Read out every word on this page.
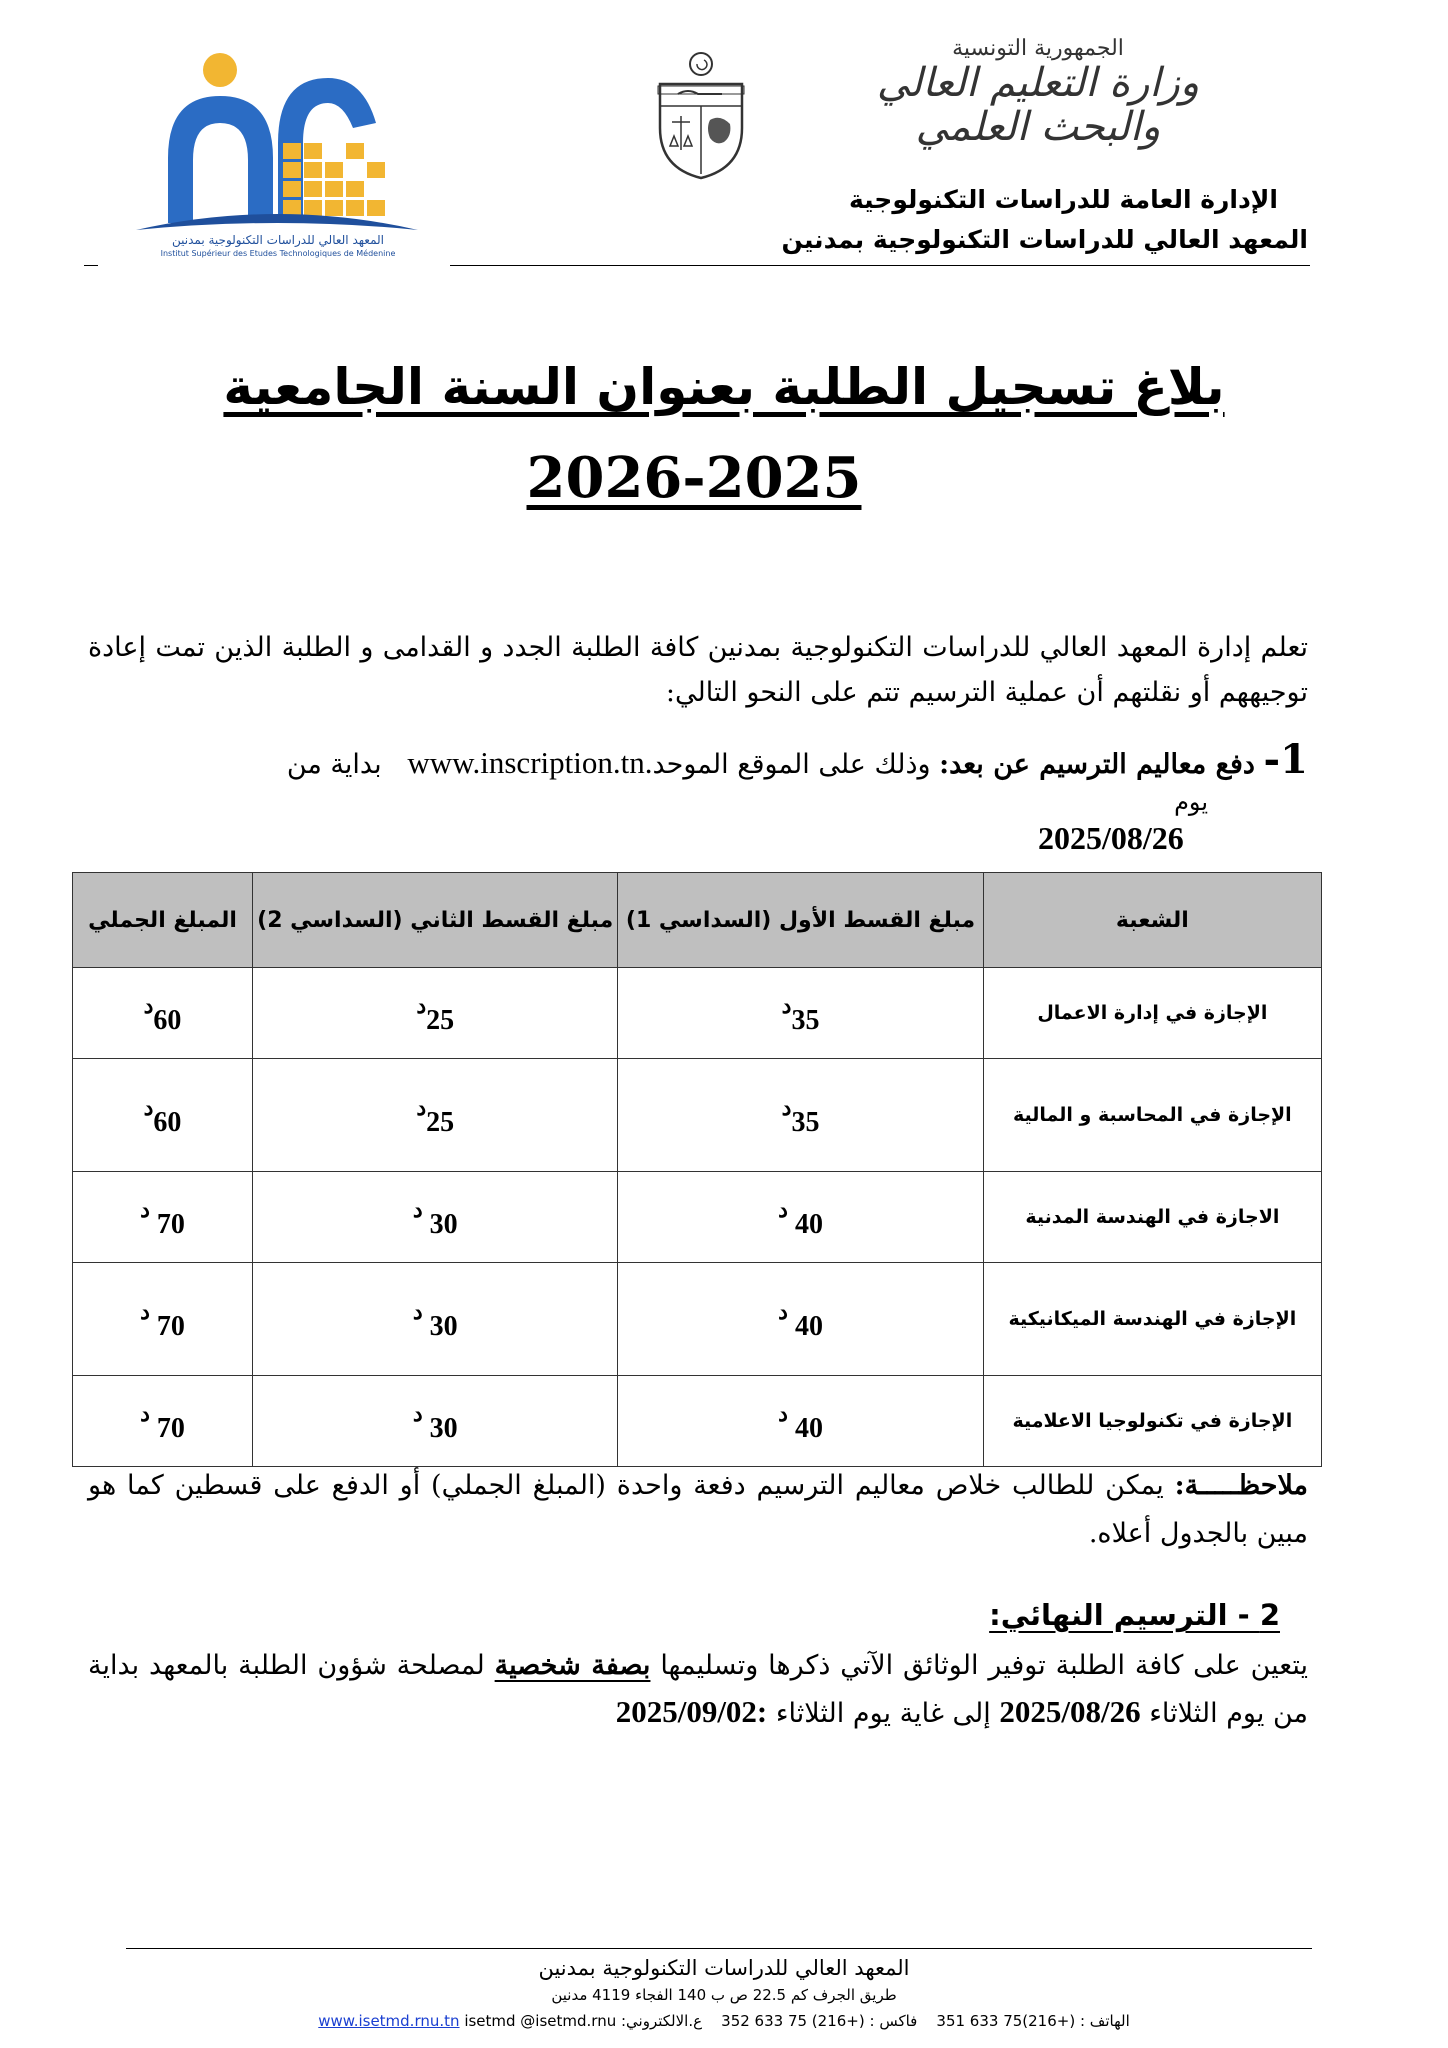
المعهد العالي للدراسات التكنولوجية بمدنين
Institut Supérieur des Etudes Technologiques de Médenine
الجمهورية التونسية
وزارة التعليم العالي
والبحث العلمي
الإدارة العامة للدراسات التكنولوجية
المعهد العالي للدراسات التكنولوجية بمدنين
بلاغ تسجيل الطلبة بعنوان السنة الجامعية
2026-2025
تعلم إدارة المعهد العالي للدراسات التكنولوجية بمدنين كافة الطلبة الجدد و القدامى و الطلبة الذين تمت إعادة توجيههم أو نقلتهم أن عملية الترسيم تتم على النحو التالي:
1- دفع معاليم الترسيم عن بعد: وذلك على الموقع الموحدwww.inscription.tn.   بداية من
يوم
2025/08/26
الشعبة	مبلغ القسط الأول (السداسي 1)	مبلغ القسط الثاني (السداسي 2)	المبلغ الجملي
الإجازة في إدارة الاعمال	$35^د$	$25^د$	$60^د$
الإجازة في المحاسبة و المالية	$35^د$	$25^د$	$60^د$
الاجازة في الهندسة المدنية	40 $^د$	30 $^د$	70 $^د$
الإجازة في الهندسة الميكانيكية	40 $^د$	30 $^د$	70 $^د$
الإجازة في تكنولوجيا الاعلامية	40 $^د$	30 $^د$	70 $^د$
ملاحظـــــة: يمكن للطالب خلاص معاليم الترسيم دفعة واحدة (المبلغ الجملي) أو الدفع على قسطين كما هو مبين بالجدول أعلاه.
2 - الترسيم النهائي:
يتعين على كافة الطلبة توفير الوثائق الآتي ذكرها وتسليمها بصفة شخصية لمصلحة شؤون الطلبة بالمعهد بداية من يوم الثلاثاء 2025/08/26 إلى غاية يوم الثلاثاء 2025/09/02:
المعهد العالي للدراسات التكنولوجية بمدنين
طريق الجرف كم 22.5 ص ب 140 الفجاء 4119 مدنين
الهاتف : 351 633 75(216+)    فاكس : 352 633 75 (216+)    ع.الالكتروني: www.isetmd.rnu.tn isetmd @isetmd.rnu
